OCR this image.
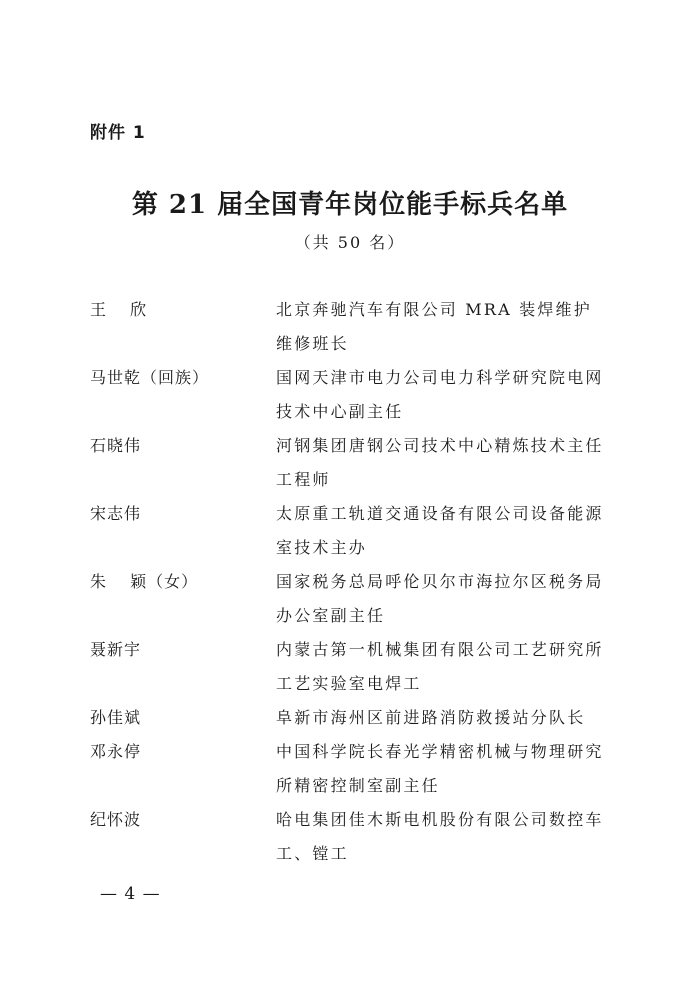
附件 1
第 21 届全国青年岗位能手标兵名单
（共 50 名）
王　 欣	北京奔驰汽车有限公司 MRA 装焊维护维修班长
马世乾（回族）	国网天津市电力公司电力科学研究院电网技术中心副主任
石晓伟	河钢集团唐钢公司技术中心精炼技术主任工程师
宋志伟	太原重工轨道交通设备有限公司设备能源室技术主办
朱　 颖（女）	国家税务总局呼伦贝尔市海拉尔区税务局办公室副主任
聂新宇	内蒙古第一机械集团有限公司工艺研究所工艺实验室电焊工
孙佳斌	阜新市海州区前进路消防救援站分队长
邓永停	中国科学院长春光学精密机械与物理研究所精密控制室副主任
纪怀波	哈电集团佳木斯电机股份有限公司数控车工、镗工
— 4 —
